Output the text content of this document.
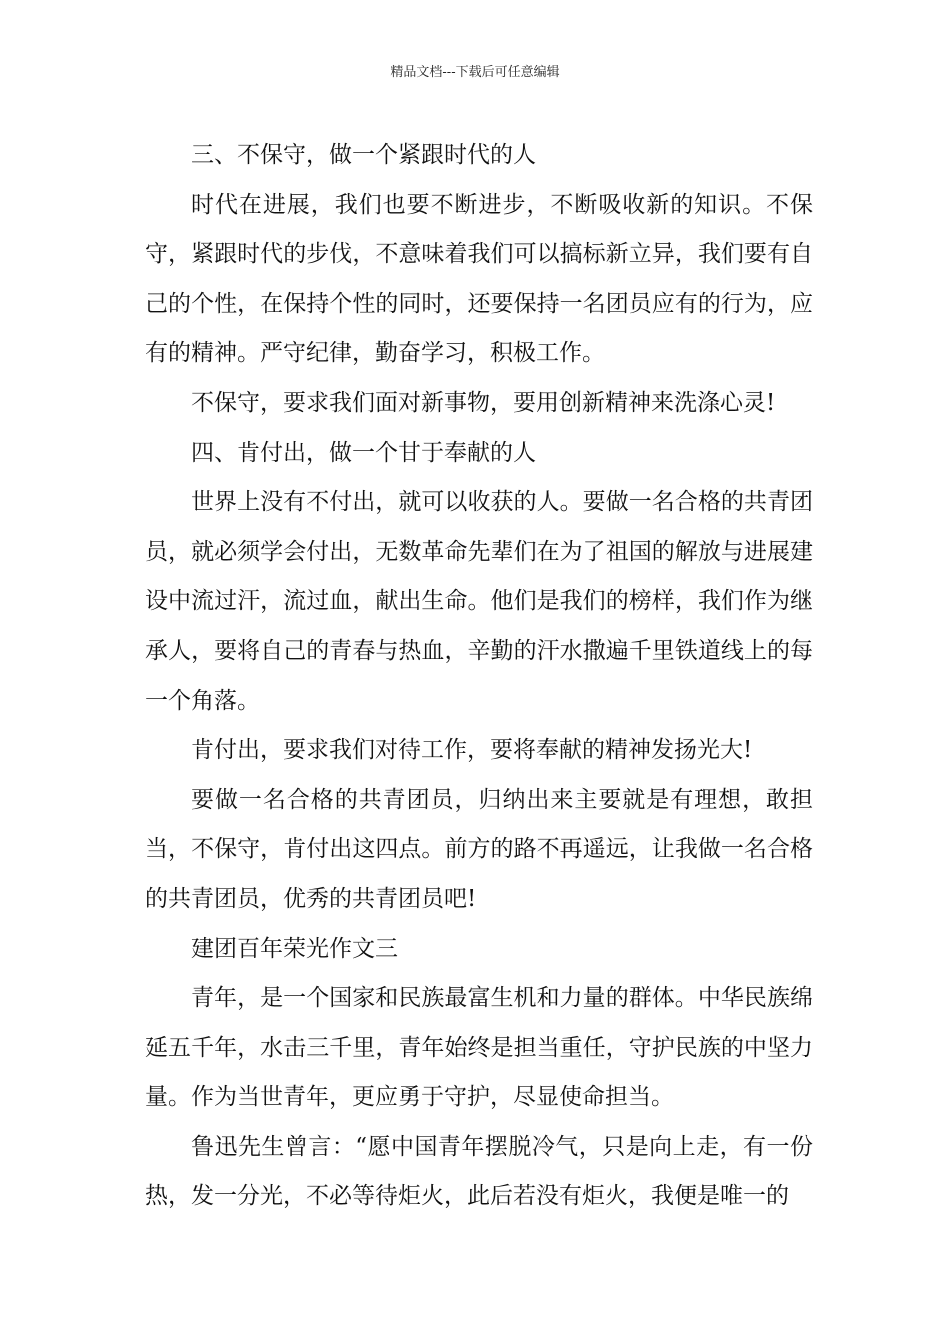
精品文档---下载后可任意编辑

三、不保守，做一个紧跟时代的人

时代在进展，我们也要不断进步，不断吸收新的知识。不保守，紧跟时代的步伐，不意味着我们可以搞标新立异，我们要有自己的个性，在保持个性的同时，还要保持一名团员应有的行为，应有的精神。严守纪律，勤奋学习，积极工作。

不保守，要求我们面对新事物，要用创新精神来洗涤心灵!

四、肯付出，做一个甘于奉献的人

世界上没有不付出，就可以收获的人。要做一名合格的共青团员，就必须学会付出，无数革命先辈们在为了祖国的解放与进展建设中流过汗，流过血，献出生命。他们是我们的榜样，我们作为继承人，要将自己的青春与热血，辛勤的汗水撒遍千里铁道线上的每一个角落。

肯付出，要求我们对待工作，要将奉献的精神发扬光大!

要做一名合格的共青团员，归纳出来主要就是有理想，敢担当，不保守，肯付出这四点。前方的路不再遥远，让我做一名合格的共青团员，优秀的共青团员吧!

建团百年荣光作文三

青年，是一个国家和民族最富生机和力量的群体。中华民族绵延五千年，水击三千里，青年始终是担当重任，守护民族的中坚力量。作为当世青年，更应勇于守护，尽显使命担当。

鲁迅先生曾言：“愿中国青年摆脱冷气，只是向上走，有一份热，发一分光，不必等待炬火，此后若没有炬火，我便是唯一的
